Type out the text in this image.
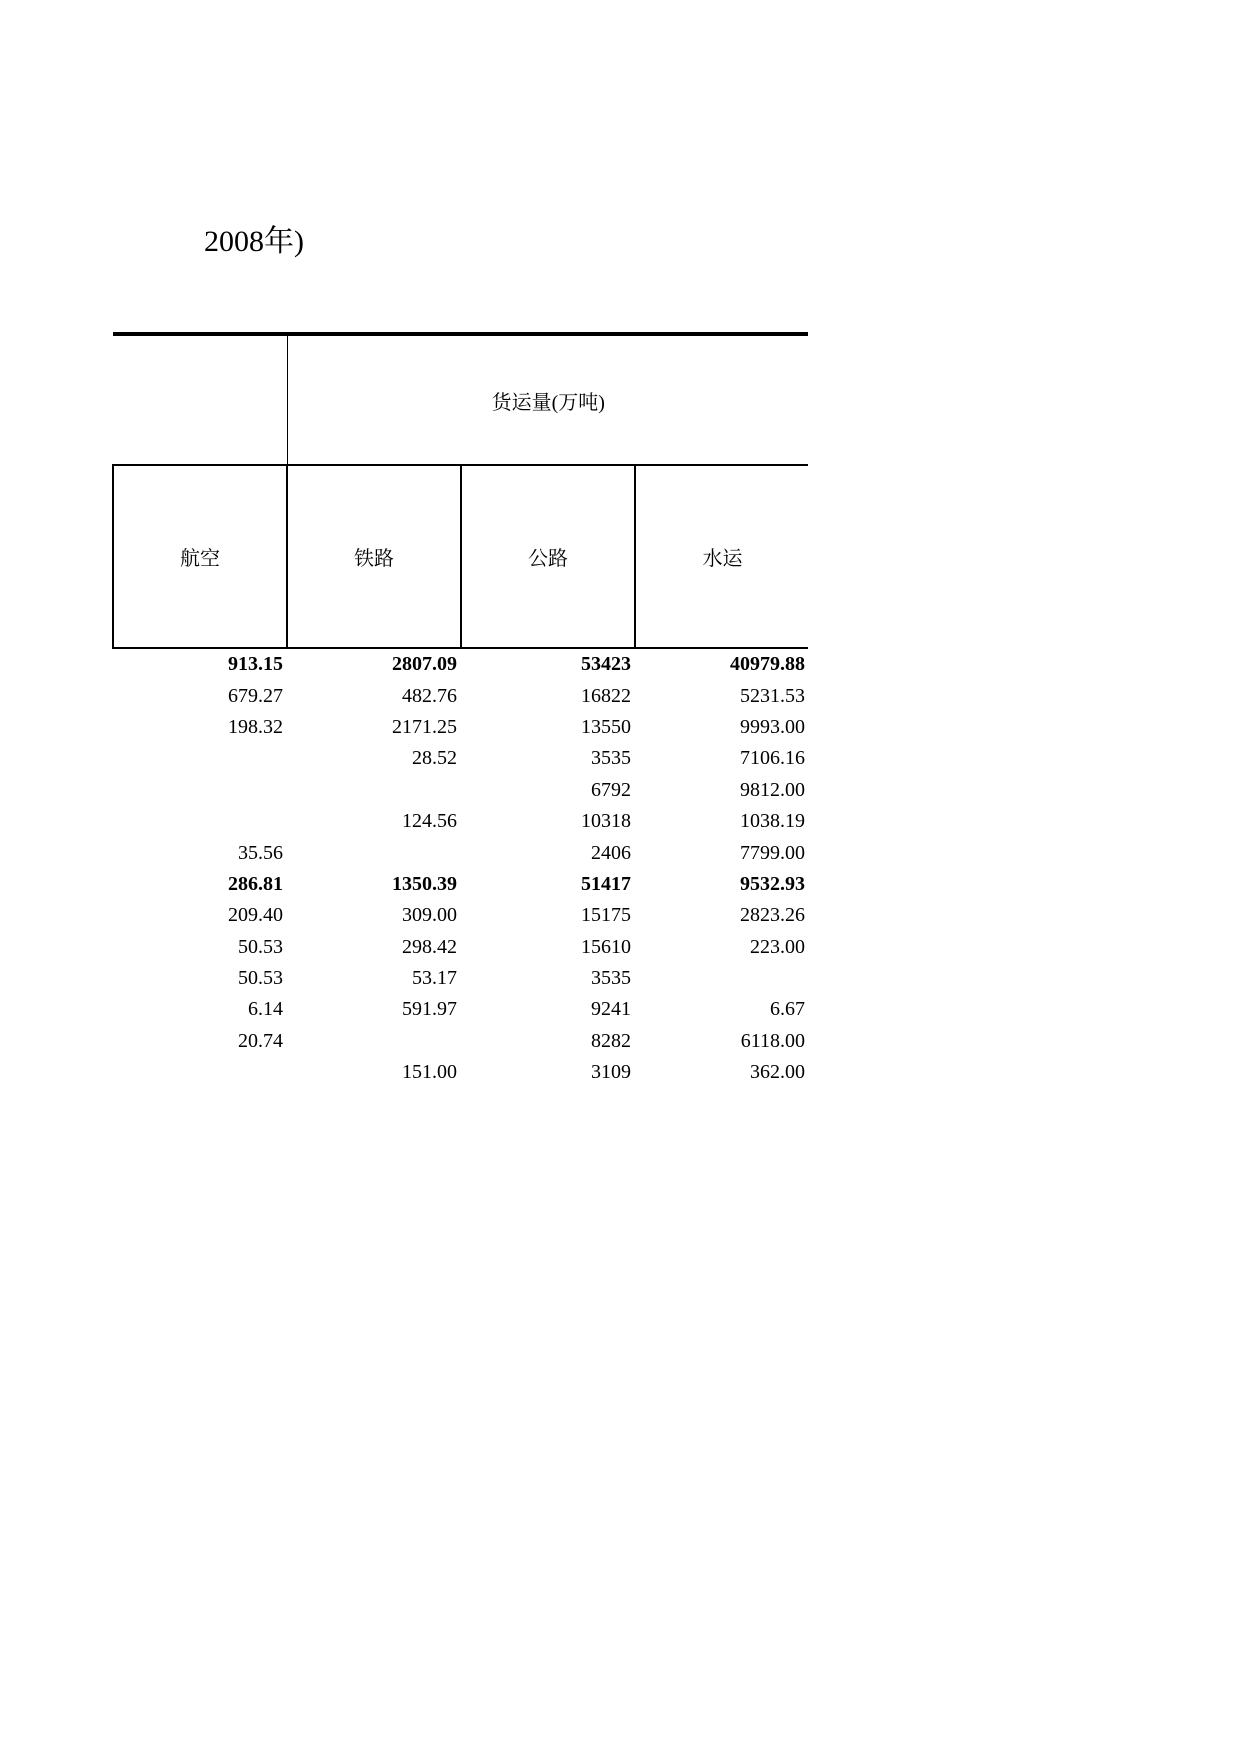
2008年)
	货运量(万吨)		
航空	铁路	公路	水运
913.15	2807.09	53423	40979.88
679.27	482.76	16822	5231.53
198.32	2171.25	13550	9993.00
	28.52	3535	7106.16
		6792	9812.00
	124.56	10318	1038.19
35.56		2406	7799.00
286.81	1350.39	51417	9532.93
209.40	309.00	15175	2823.26
50.53	298.42	15610	223.00
50.53	53.17	3535	
6.14	591.97	9241	6.67
20.74		8282	6118.00
	151.00	3109	362.00
